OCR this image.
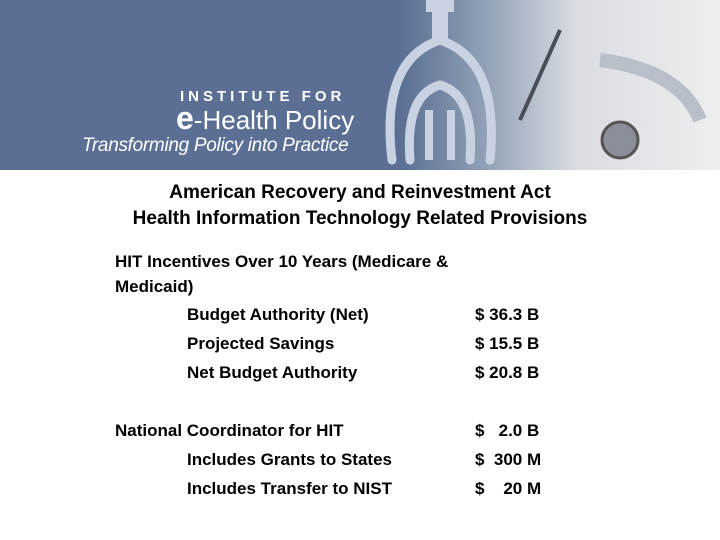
INSTITUTE FOR
e-Health Policy
Transforming Policy into Practice
American Recovery and Reinvestment Act
Health Information Technology Related Provisions
HIT Incentives Over 10 Years (Medicare &
Medicaid)
Budget Authority (Net)	$ 36.3 B
Projected Savings	$ 15.5 B
Net Budget Authority	$ 20.8 B
National Coordinator for HIT	$   2.0 B
Includes Grants to States	$  300 M
Includes Transfer to NIST	$    20 M
